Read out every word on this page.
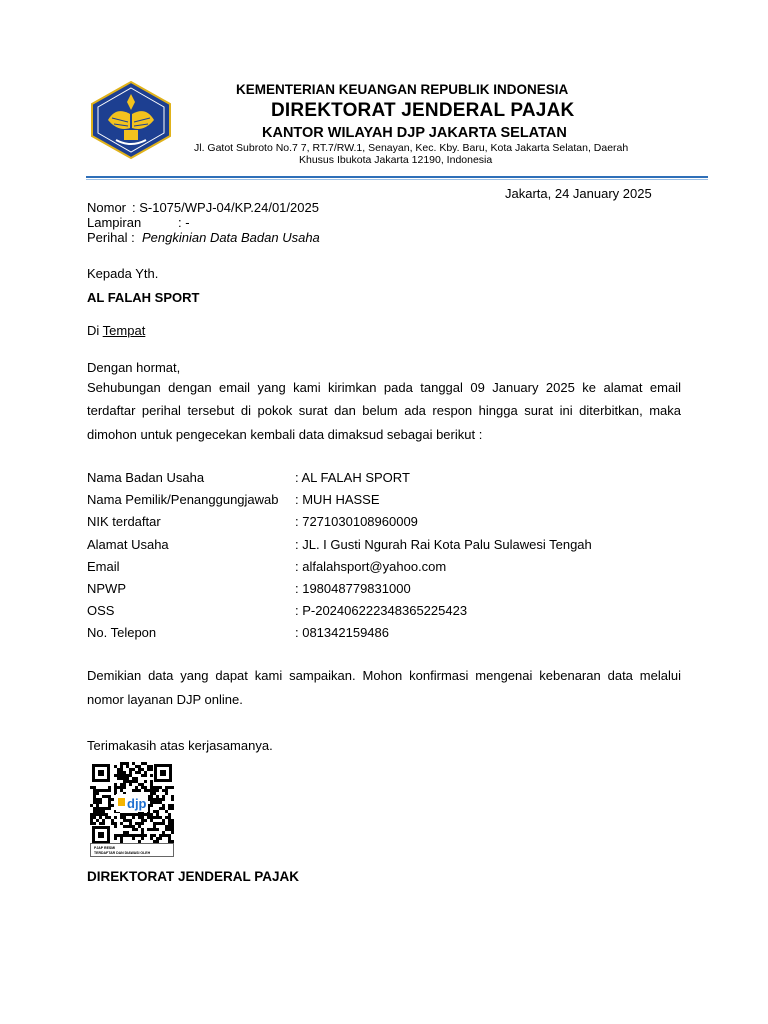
KEMENTERIAN KEUANGAN REPUBLIK INDONESIA
DIREKTORAT JENDERAL PAJAK
KANTOR WILAYAH DJP JAKARTA SELATAN
Jl. Gatot Subroto No.7 7, RT.7/RW.1, Senayan, Kec. Kby. Baru, Kota Jakarta Selatan, Daerah
Khusus Ibukota Jakarta 12190, Indonesia
Jakarta, 24 January 2025
Nomor : S-1075/WPJ-04/KP.24/01/2025
Lampiran	: -
Perihal : Pengkinian Data Badan Usaha
Kepada Yth.
AL FALAH SPORT
Di Tempat
Dengan hormat,
Sehubungan dengan email yang kami kirimkan pada tanggal 09 January 2025 ke alamat email terdaftar perihal tersebut di pokok surat dan belum ada respon hingga surat ini diterbitkan, maka
dimohon untuk pengecekan kembali data dimaksud sebagai berikut :
Nama Badan Usaha	: AL FALAH SPORT
Nama Pemilik/Penanggungjawab : MUH HASSE
NIK terdaftar	: 7271030108960009
Alamat Usaha	: JL. I Gusti Ngurah Rai Kota Palu Sulawesi Tengah
Email	: alfalahsport@yahoo.com
NPWP	: 198048779831000
OSS	: P-202406222348365225423
No. Telepon	: 081342159486
Demikian data yang dapat kami sampaikan. Mohon konfirmasi mengenai kebenaran data melalui
nomor layanan DJP online.
Terimakasih atas kerjasamanya.
djp
PJAP RESMI
TERDAFTAR DAN DIAWASI OLEH
DIREKTORAT JENDERAL PAJAK
